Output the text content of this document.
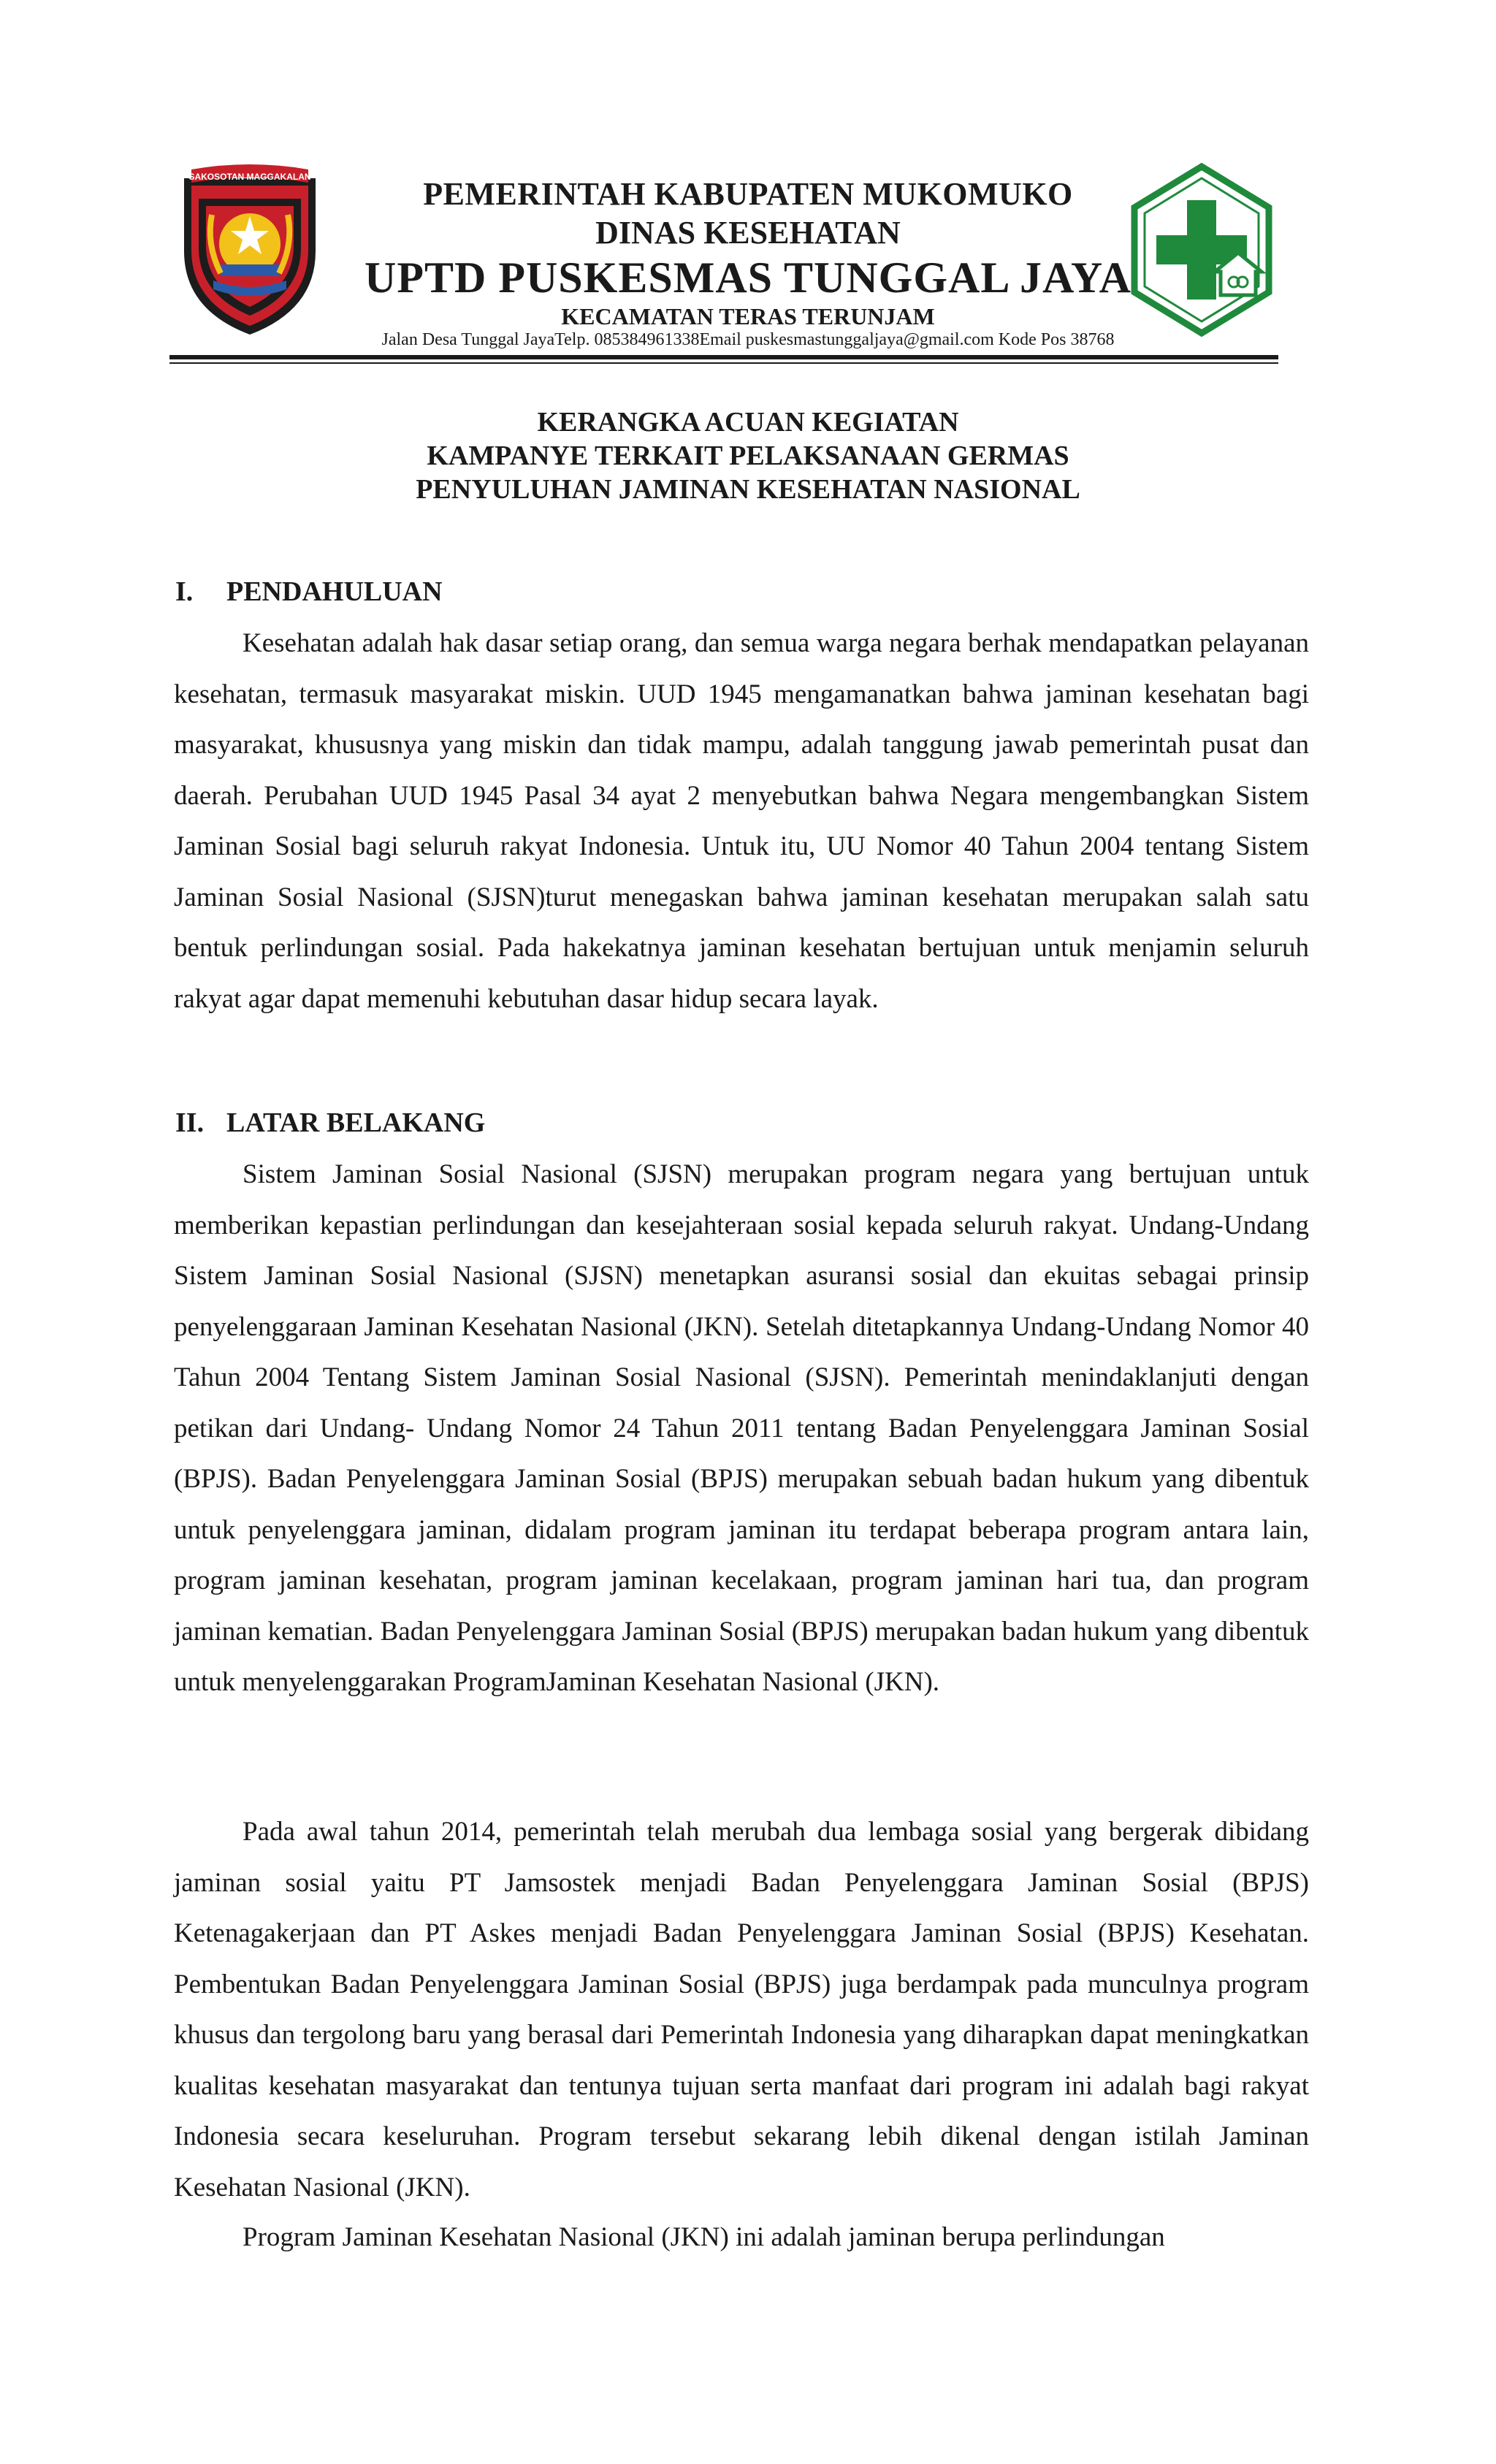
SAKOSOTAN MAGGAKALAN	PEMERINTAH KABUPATEN MUKOMUKO
DINAS KESEHATAN
UPTD PUSKESMAS TUNGGAL JAYA
KECAMATAN TERAS TERUNJAM
Jalan Desa Tunggal JayaTelp. 085384961338Email puskesmastunggaljaya@gmail.com Kode Pos 38768
KERANGKA ACUAN KEGIATAN
KAMPANYE TERKAIT PELAKSANAAN GERMAS
PENYULUHAN JAMINAN KESEHATAN NASIONAL
I. PENDAHULUAN

Kesehatan adalah hak dasar setiap orang, dan semua warga negara berhak mendapatkan pelayanan kesehatan, termasuk masyarakat miskin. UUD 1945 mengamanatkan bahwa jaminan kesehatan bagi masyarakat, khususnya yang miskin dan tidak mampu, adalah tanggung jawab pemerintah pusat dan daerah. Perubahan UUD 1945 Pasal 34 ayat 2 menyebutkan bahwa Negara mengembangkan Sistem Jaminan Sosial bagi seluruh rakyat Indonesia. Untuk itu, UU Nomor 40 Tahun 2004 tentang Sistem Jaminan Sosial Nasional (SJSN)turut menegaskan bahwa jaminan kesehatan merupakan salah satu bentuk perlindungan sosial. Pada hakekatnya jaminan kesehatan bertujuan untuk menjamin seluruh rakyat agar dapat memenuhi kebutuhan dasar hidup secara layak.

II. LATAR BELAKANG

Sistem Jaminan Sosial Nasional (SJSN) merupakan program negara yang bertujuan untuk memberikan kepastian perlindungan dan kesejahteraan sosial kepada seluruh rakyat. Undang-Undang Sistem Jaminan Sosial Nasional (SJSN) menetapkan asuransi sosial dan ekuitas sebagai prinsip penyelenggaraan Jaminan Kesehatan Nasional (JKN). Setelah ditetapkannya Undang-Undang Nomor 40 Tahun 2004 Tentang Sistem Jaminan Sosial Nasional (SJSN). Pemerintah menindaklanjuti dengan petikan dari Undang- Undang Nomor 24 Tahun 2011 tentang Badan Penyelenggara Jaminan Sosial (BPJS). Badan Penyelenggara Jaminan Sosial (BPJS) merupakan sebuah badan hukum yang dibentuk untuk penyelenggara jaminan, didalam program jaminan itu terdapat beberapa program antara lain, program jaminan kesehatan, program jaminan kecelakaan, program jaminan hari tua, dan program jaminan kematian. Badan Penyelenggara Jaminan Sosial (BPJS) merupakan badan hukum yang dibentuk untuk menyelenggarakan ProgramJaminan Kesehatan Nasional (JKN).

Pada awal tahun 2014, pemerintah telah merubah dua lembaga sosial yang bergerak dibidang jaminan sosial yaitu PT Jamsostek menjadi Badan Penyelenggara Jaminan Sosial (BPJS) Ketenagakerjaan dan PT Askes menjadi Badan Penyelenggara Jaminan Sosial (BPJS) Kesehatan. Pembentukan Badan Penyelenggara Jaminan Sosial (BPJS) juga berdampak pada munculnya program khusus dan tergolong baru yang berasal dari Pemerintah Indonesia yang diharapkan dapat meningkatkan kualitas kesehatan masyarakat dan tentunya tujuan serta manfaat dari program ini adalah bagi rakyat Indonesia secara keseluruhan. Program tersebut sekarang lebih dikenal dengan istilah Jaminan Kesehatan Nasional (JKN).

Program Jaminan Kesehatan Nasional (JKN) ini adalah jaminan berupa perlindungan
